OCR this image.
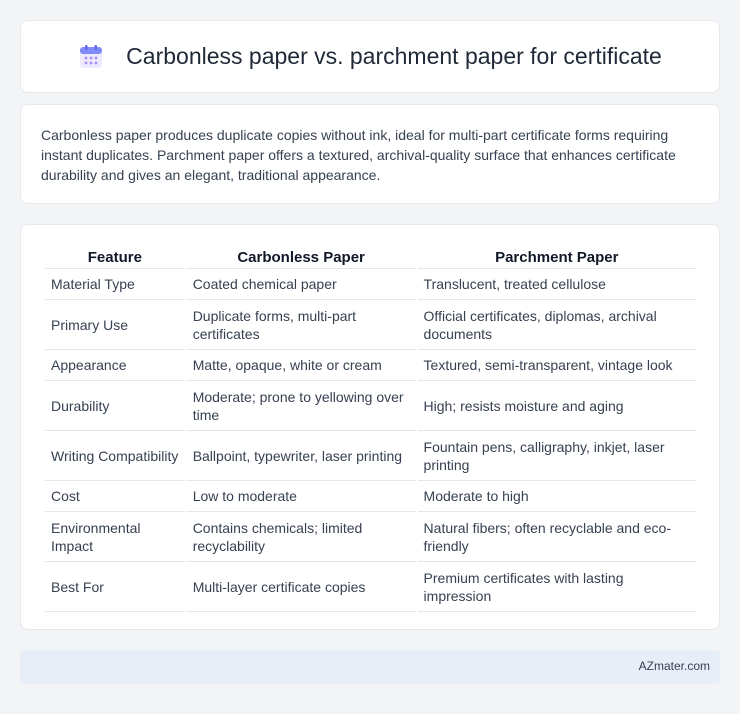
Carbonless paper vs. parchment paper for certificate

Carbonless paper produces duplicate copies without ink, ideal for multi-part certificate forms requiring instant duplicates. Parchment paper offers a textured, archival-quality surface that enhances certificate durability and gives an elegant, traditional appearance.

Feature	Carbonless Paper	Parchment Paper
Material Type	Coated chemical paper	Translucent, treated cellulose
Primary Use	Duplicate forms, multi-part certificates	Official certificates, diplomas, archival documents
Appearance	Matte, opaque, white or cream	Textured, semi-transparent, vintage look
Durability	Moderate; prone to yellowing over time	High; resists moisture and aging
Writing Compatibility	Ballpoint, typewriter, laser printing	Fountain pens, calligraphy, inkjet, laser printing
Cost	Low to moderate	Moderate to high
Environmental Impact	Contains chemicals; limited recyclability	Natural fibers; often recyclable and eco-friendly
Best For	Multi-layer certificate copies	Premium certificates with lasting impression
AZmater.com
